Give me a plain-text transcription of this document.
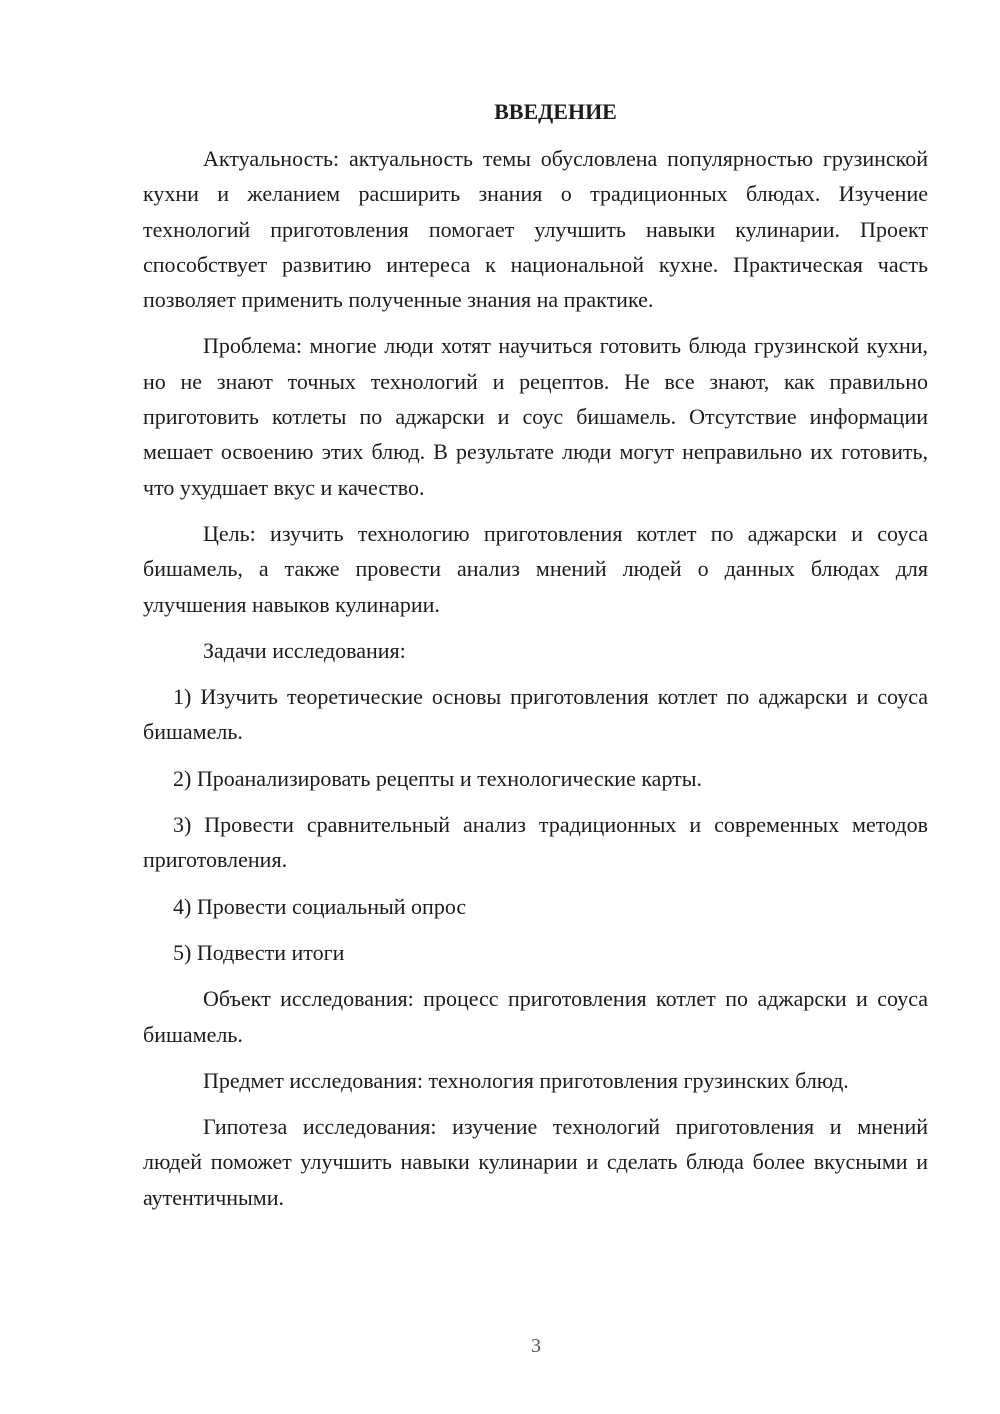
ВВЕДЕНИЕ

Актуальность: актуальность темы обусловлена популярностью грузинской кухни и желанием расширить знания о традиционных блюдах. Изучение технологий приготовления помогает улучшить навыки кулинарии. Проект способствует развитию интереса к национальной кухне. Практическая часть позволяет применить полученные знания на практике.

Проблема: многие люди хотят научиться готовить блюда грузинской кухни, но не знают точных технологий и рецептов. Не все знают, как правильно приготовить котлеты по аджарски и соус бишамель. Отсутствие информации мешает освоению этих блюд. В результате люди могут неправильно их готовить, что ухудшает вкус и качество.

Цель: изучить технологию приготовления котлет по аджарски и соуса бишамель, а также провести анализ мнений людей о данных блюдах для улучшения навыков кулинарии.

Задачи исследования:

1) Изучить теоретические основы приготовления котлет по аджарски и соуса бишамель.

2) Проанализировать рецепты и технологические карты.

3) Провести сравнительный анализ традиционных и современных методов приготовления.

4) Провести социальный опрос

5) Подвести итоги

Объект исследования: процесс приготовления котлет по аджарски и соуса бишамель.

Предмет исследования: технология приготовления грузинских блюд.

Гипотеза исследования: изучение технологий приготовления и мнений людей поможет улучшить навыки кулинарии и сделать блюда более вкусными и аутентичными.

3
